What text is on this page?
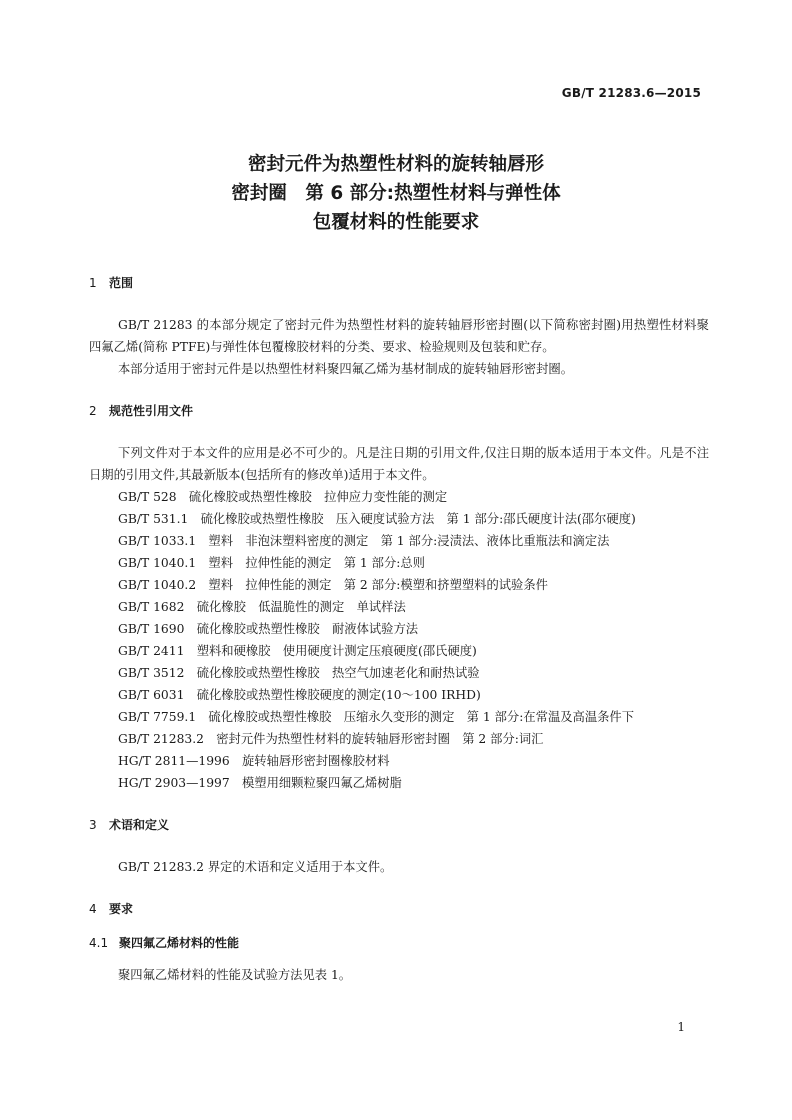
GB/T 21283.6—2015
密封元件为热塑性材料的旋转轴唇形
密封圈　第 6 部分:热塑性材料与弹性体
包覆材料的性能要求
1 范围
GB/T 21283 的本部分规定了密封元件为热塑性材料的旋转轴唇形密封圈(以下简称密封圈)用热塑性材料聚四氟乙烯(简称 PTFE)与弹性体包覆橡胶材料的分类、要求、检验规则及包装和贮存。
本部分适用于密封元件是以热塑性材料聚四氟乙烯为基材制成的旋转轴唇形密封圈。
2 规范性引用文件
下列文件对于本文件的应用是必不可少的。凡是注日期的引用文件,仅注日期的版本适用于本文件。凡是不注日期的引用文件,其最新版本(包括所有的修改单)适用于本文件。
GB/T 528　硫化橡胶或热塑性橡胶　拉伸应力变性能的测定
GB/T 531.1　硫化橡胶或热塑性橡胶　压入硬度试验方法　第 1 部分:邵氏硬度计法(邵尔硬度)
GB/T 1033.1　塑料　非泡沫塑料密度的测定　第 1 部分:浸渍法、液体比重瓶法和滴定法
GB/T 1040.1　塑料　拉伸性能的测定　第 1 部分:总则
GB/T 1040.2　塑料　拉伸性能的测定　第 2 部分:模塑和挤塑塑料的试验条件
GB/T 1682　硫化橡胶　低温脆性的测定　单试样法
GB/T 1690　硫化橡胶或热塑性橡胶　耐液体试验方法
GB/T 2411　塑料和硬橡胶　使用硬度计测定压痕硬度(邵氏硬度)
GB/T 3512　硫化橡胶或热塑性橡胶　热空气加速老化和耐热试验
GB/T 6031　硫化橡胶或热塑性橡胶硬度的测定(10～100 IRHD)
GB/T 7759.1　硫化橡胶或热塑性橡胶　压缩永久变形的测定　第 1 部分:在常温及高温条件下
GB/T 21283.2　密封元件为热塑性材料的旋转轴唇形密封圈　第 2 部分:词汇
HG/T 2811—1996　旋转轴唇形密封圈橡胶材料
HG/T 2903—1997　模塑用细颗粒聚四氟乙烯树脂
3 术语和定义
GB/T 21283.2 界定的术语和定义适用于本文件。
4 要求
4.1 聚四氟乙烯材料的性能
聚四氟乙烯材料的性能及试验方法见表 1。
1
